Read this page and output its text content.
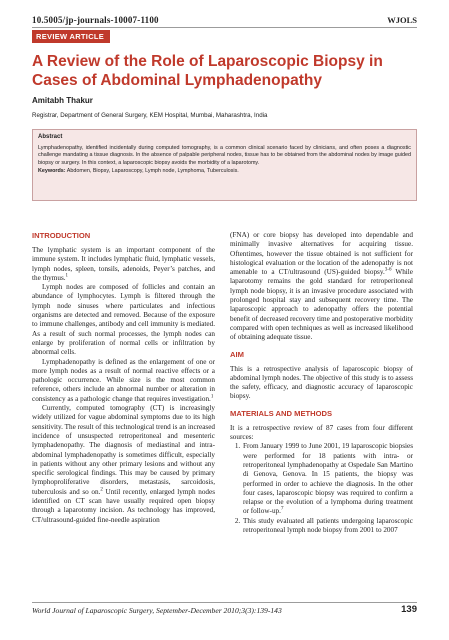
10.5005/jp-journals-10007-1100	WJOLS
REVIEW ARTICLE
A Review of the Role of Laparoscopic Biopsy in Cases of Abdominal Lymphadenopathy
Amitabh Thakur
Registrar, Department of General Surgery, KEM Hospital, Mumbai, Maharashtra, India
Abstract
Lymphadenopathy, identified incidentally during computed tomography, is a common clinical scenario faced by clinicians, and often poses a diagnostic challenge mandating a tissue diagnosis. In the absence of palpable peripheral nodes, tissue has to be obtained from the abdominal nodes by image guided biopsy or surgery. In this context, a laparoscopic biopsy avoids the morbidity of a laparotomy.
Keywords: Abdomen, Biopsy, Laparoscopy, Lymph node, Lymphoma, Tuberculosis.
INTRODUCTION

The lymphatic system is an important component of the immune system. It includes lymphatic fluid, lymphatic vessels, lymph nodes, spleen, tonsils, adenoids, Peyer’s patches, and the thymus.$^1$

Lymph nodes are composed of follicles and contain an abundance of lymphocytes. Lymph is filtered through the lymph node sinuses where particulates and infectious organisms are detected and removed. Because of the exposure to immune challenges, antibody and cell immunity is mediated. As a result of such normal processes, the lymph nodes can enlarge by proliferation of normal cells or infiltration by abnormal cells.

Lymphadenopathy is defined as the enlargement of one or more lymph nodes as a result of normal reactive effects or a pathologic occurrence. While size is the most common reference, others include an abnormal number or alteration in consistency as a pathologic change that requires investigation.$^1$

Currently, computed tomography (CT) is increasingly widely utilized for vague abdominal symptoms due to its high sensitivity. The result of this technological trend is an increased incidence of unsuspected retroperitoneal and mesenteric lymphadenopathy. The diagnosis of mediastinal and intra-abdominal lymphadenopathy is sometimes difficult, especially in patients without any other primary lesions and without any specific serological findings. This may be caused by primary lymphoproliferative disorders, metastasis, sarcoidosis, tuberculosis and so on.$^2$ Until recently, enlarged lymph nodes identified on CT scan have usually required open biopsy through a laparotomy incision. As technology has improved, CT/ultrasound-guided fine-needle aspiration

(FNA) or core biopsy has developed into dependable and minimally invasive alternatives for acquiring tissue. Oftentimes, however the tissue obtained is not sufficient for histological evaluation or the location of the adenopathy is not amenable to a CT/ultrasound (US)-guided biopsy.$^{3-6}$ While laparotomy remains the gold standard for retroperitoneal lymph node biopsy, it is an invasive procedure associated with prolonged hospital stay and subsequent recovery time. The laparoscopic approach to adenopathy offers the potential benefit of decreased recovery time and postoperative morbidity compared with open techniques as well as increased likelihood of obtaining adequate tissue.

AIM

This is a retrospective analysis of laparoscopic biopsy of abdominal lymph nodes. The objective of this study is to assess the safety, efficacy, and diagnostic accuracy of laparoscopic biopsy.

MATERIALS AND METHODS

It is a retrospective review of 87 cases from four different sources:

1. From January 1999 to June 2001, 19 laparoscopic biopsies were performed for 18 patients with intra- or retroperitoneal lymphadenopathy at Ospedale San Martino di Genova, Genova. In 15 patients, the biopsy was performed in order to achieve the diagnosis. In the other four cases, laparoscopic biopsy was required to confirm a relapse or the evolution of a lymphoma during treatment or follow-up.$^7$
2. This study evaluated all patients undergoing laparoscopic retroperitoneal lymph node biopsy from 2001 to 2007
World Journal of Laparoscopic Surgery, September-December 2010;3(3):139-143	139
